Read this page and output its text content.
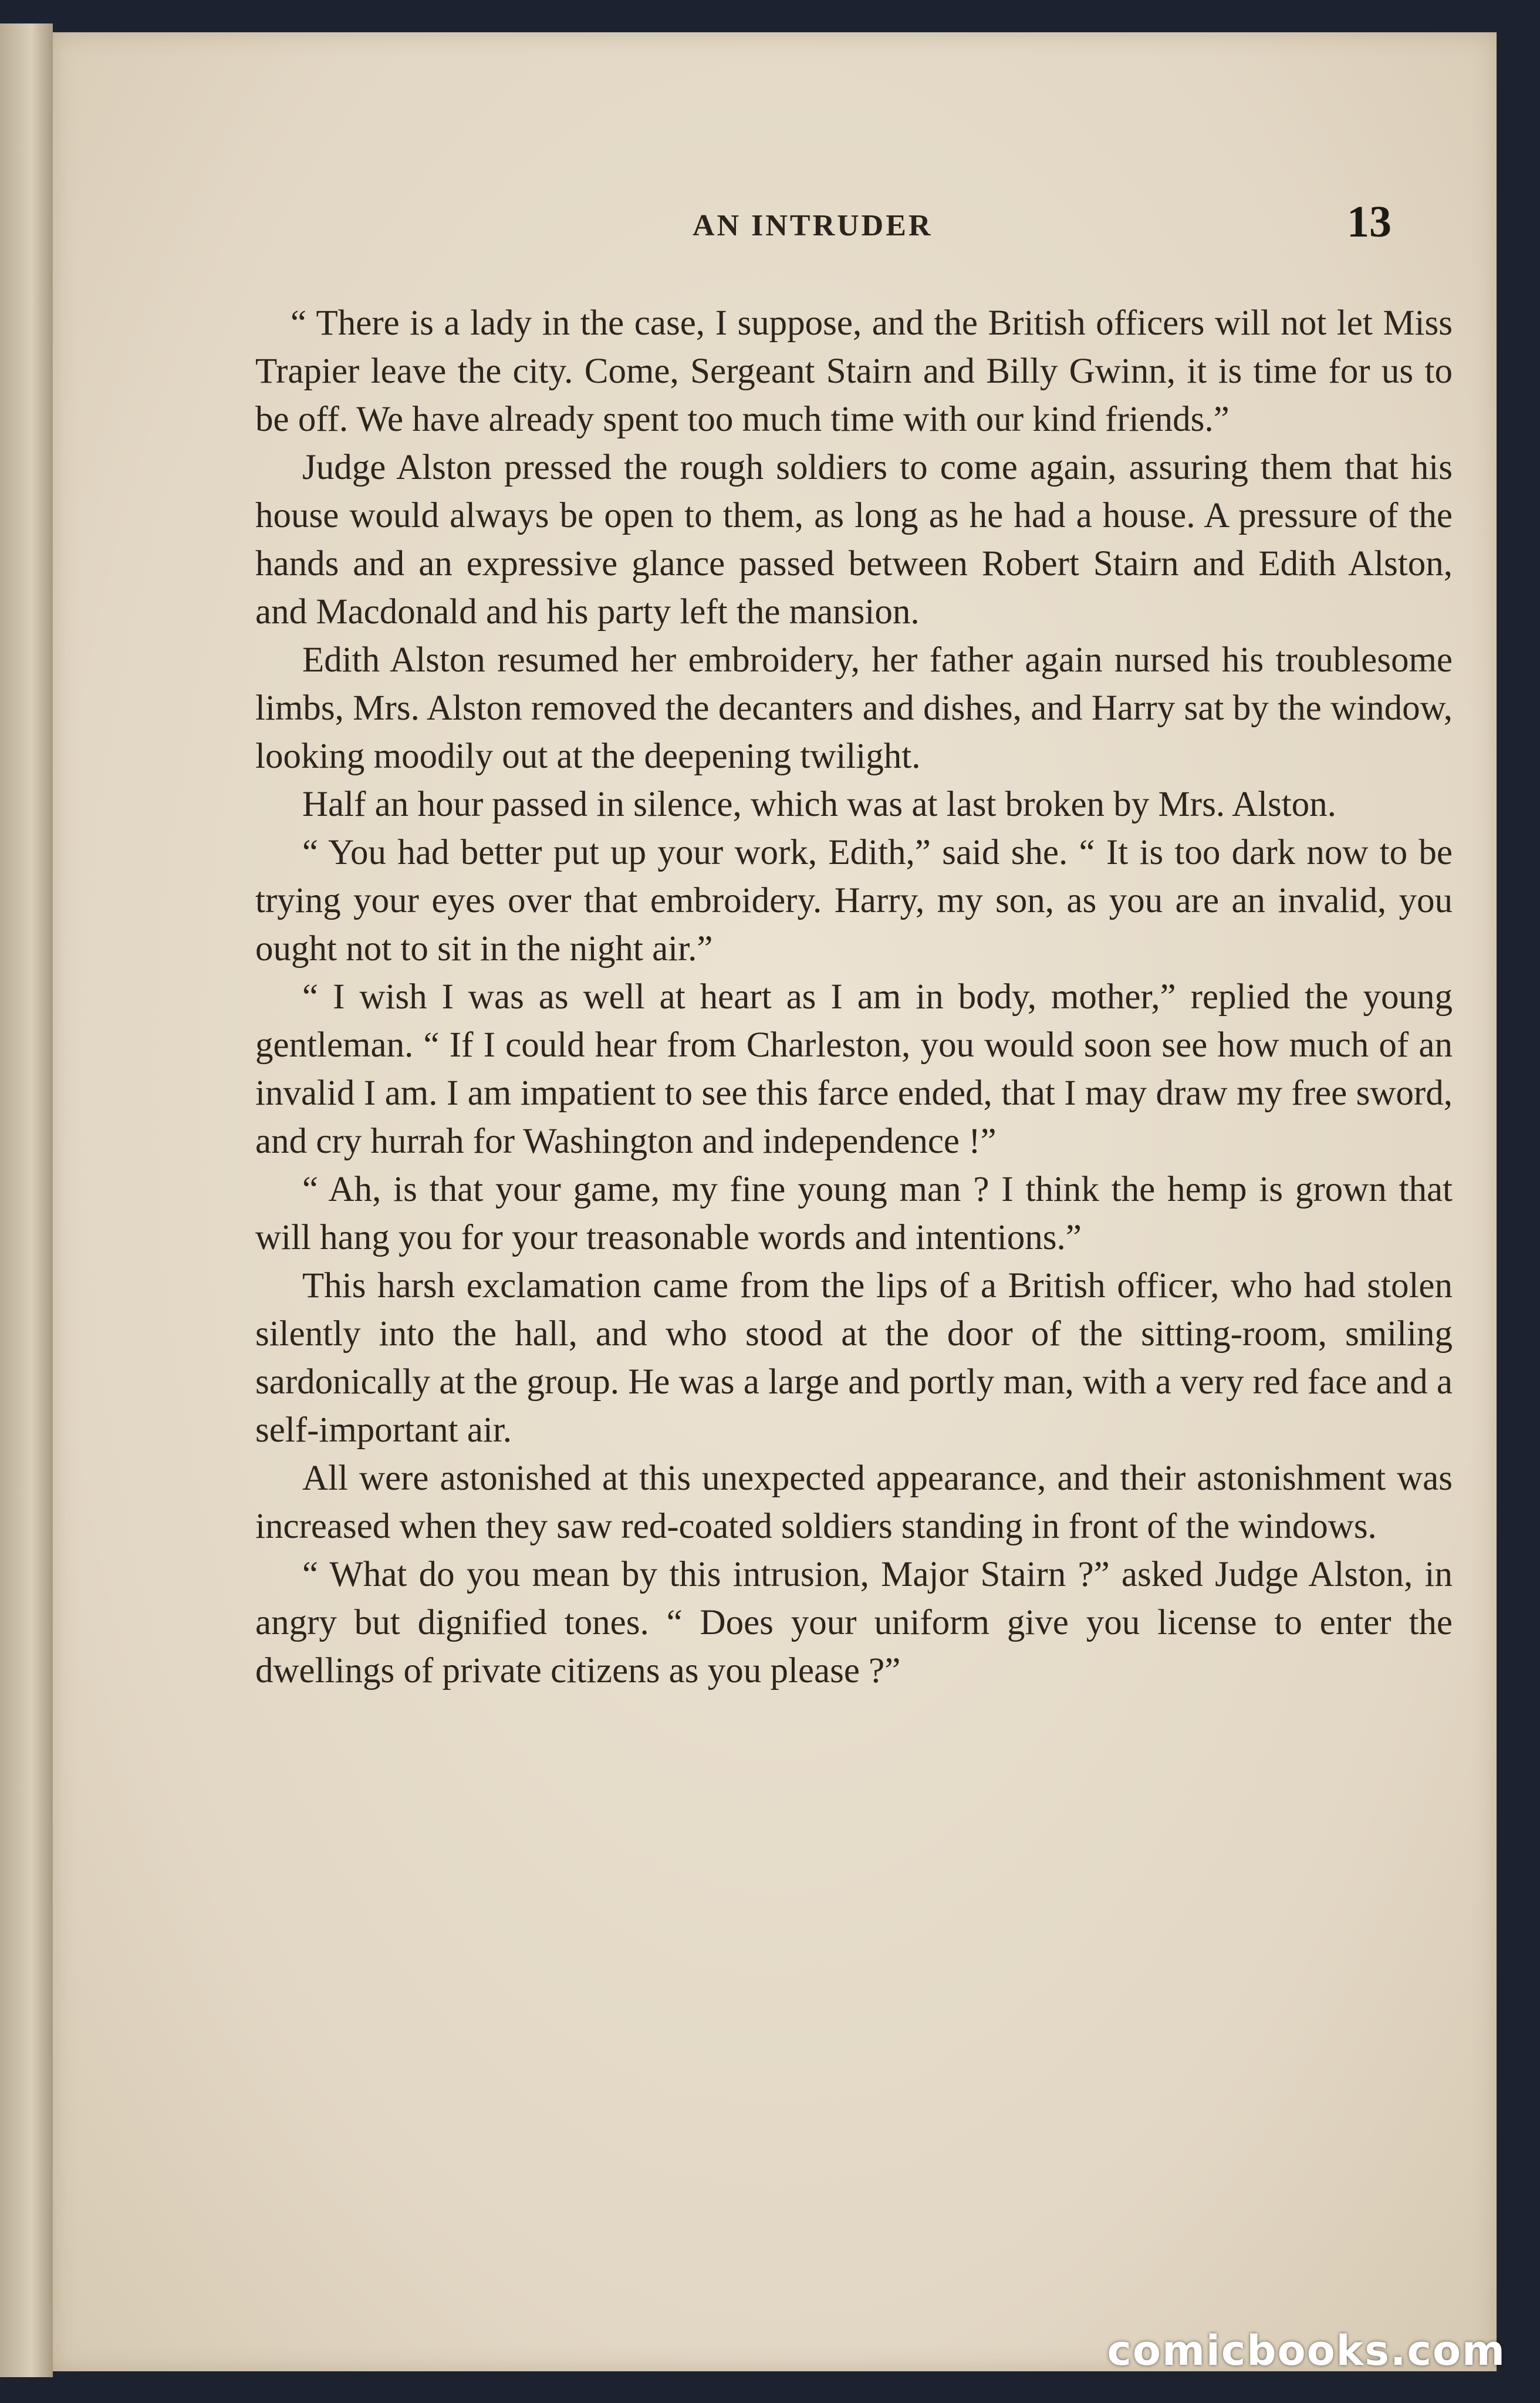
AN INTRUDER	13

“ There is a lady in the case, I suppose, and the British officers will not let Miss Trapier leave the city. Come, Sergeant Stairn and Billy Gwinn, it is time for us to be off. We have already spent too much time with our kind friends.”

Judge Alston pressed the rough soldiers to come again, assuring them that his house would always be open to them, as long as he had a house. A pressure of the hands and an expressive glance passed between Robert Stairn and Edith Alston, and Macdonald and his party left the mansion.

Edith Alston resumed her embroidery, her father again nursed his troublesome limbs, Mrs. Alston removed the decanters and dishes, and Harry sat by the window, looking moodily out at the deepening twilight.

Half an hour passed in silence, which was at last broken by Mrs. Alston.

“ You had better put up your work, Edith,” said she. “ It is too dark now to be trying your eyes over that embroidery. Harry, my son, as you are an invalid, you ought not to sit in the night air.”

“ I wish I was as well at heart as I am in body, mother,” replied the young gentleman. “ If I could hear from Charleston, you would soon see how much of an invalid I am. I am impatient to see this farce ended, that I may draw my free sword, and cry hurrah for Washington and independence !”

“ Ah, is that your game, my fine young man ? I think the hemp is grown that will hang you for your treasonable words and intentions.”

This harsh exclamation came from the lips of a British officer, who had stolen silently into the hall, and who stood at the door of the sitting-room, smiling sardonically at the group. He was a large and portly man, with a very red face and a self-important air.

All were astonished at this unexpected appearance, and their astonishment was increased when they saw red-coated soldiers standing in front of the windows.

“ What do you mean by this intrusion, Major Stairn ?” asked Judge Alston, in angry but dignified tones. “ Does your uniform give you license to enter the dwellings of private citizens as you please ?”

comicbooks.com
